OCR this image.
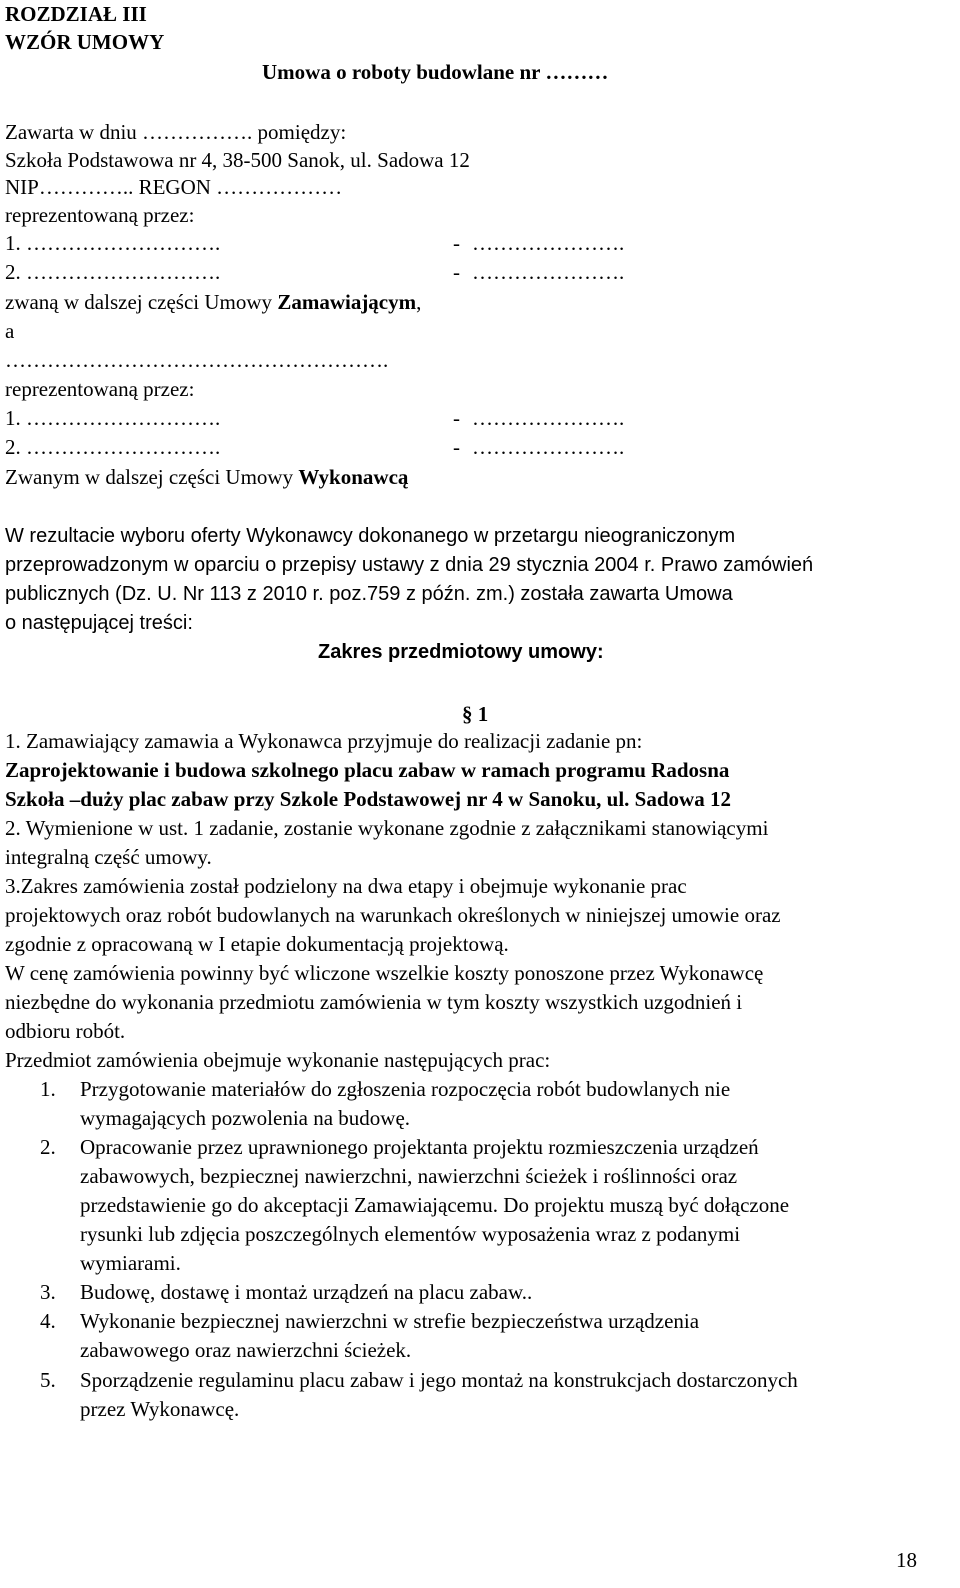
ROZDZIAŁ III
WZÓR UMOWY
Umowa o roboty budowlane nr ………
Zawarta w dniu ……………. pomiędzy:
Szkoła Podstawowa nr 4, 38-500 Sanok, ul. Sadowa 12
NIP………….. REGON ………………
reprezentowaną przez:
1. ……………………….	- ………………….
2. ……………………….	- ………………….
zwaną w dalszej części Umowy Zamawiającym,
a
……………………………………………….
reprezentowaną przez:
1. ……………………….	- ………………….
2. ……………………….	- ………………….
Zwanym w dalszej części Umowy Wykonawcą
W rezultacie wyboru oferty Wykonawcy dokonanego w przetargu nieograniczonym
przeprowadzonym w oparciu o przepisy ustawy z dnia 29 stycznia 2004 r. Prawo zamówień
publicznych (Dz. U. Nr 113 z 2010 r. poz.759 z późn. zm.) została zawarta Umowa
o następującej treści:
Zakres przedmiotowy umowy:
§ 1
1. Zamawiający zamawia a Wykonawca przyjmuje do realizacji zadanie pn:
Zaprojektowanie i budowa szkolnego placu zabaw w ramach programu Radosna
Szkoła –duży plac zabaw przy Szkole Podstawowej nr 4 w Sanoku, ul. Sadowa 12
2. Wymienione w ust. 1 zadanie, zostanie wykonane zgodnie z załącznikami stanowiącymi
integralną część umowy.
3.Zakres zamówienia został podzielony na dwa etapy i obejmuje wykonanie prac
projektowych oraz robót budowlanych na warunkach określonych w niniejszej umowie oraz
zgodnie z opracowaną w I etapie dokumentacją projektową.
W cenę zamówienia powinny być wliczone wszelkie koszty ponoszone przez Wykonawcę
niezbędne do wykonania przedmiotu zamówienia w tym koszty wszystkich uzgodnień i
odbioru robót.
Przedmiot zamówienia obejmuje wykonanie następujących prac:
1. Przygotowanie materiałów do zgłoszenia rozpoczęcia robót budowlanych nie
wymagających pozwolenia na budowę.
2. Opracowanie przez uprawnionego projektanta projektu rozmieszczenia urządzeń
zabawowych, bezpiecznej nawierzchni, nawierzchni ścieżek i roślinności oraz
przedstawienie go do akceptacji Zamawiającemu. Do projektu muszą być dołączone
rysunki lub zdjęcia poszczególnych elementów wyposażenia wraz z podanymi
wymiarami.
3. Budowę, dostawę i montaż urządzeń na placu zabaw..
4. Wykonanie bezpiecznej nawierzchni w strefie bezpieczeństwa urządzenia
zabawowego oraz nawierzchni ścieżek.
5. Sporządzenie regulaminu placu zabaw i jego montaż na konstrukcjach dostarczonych
przez Wykonawcę.
18
